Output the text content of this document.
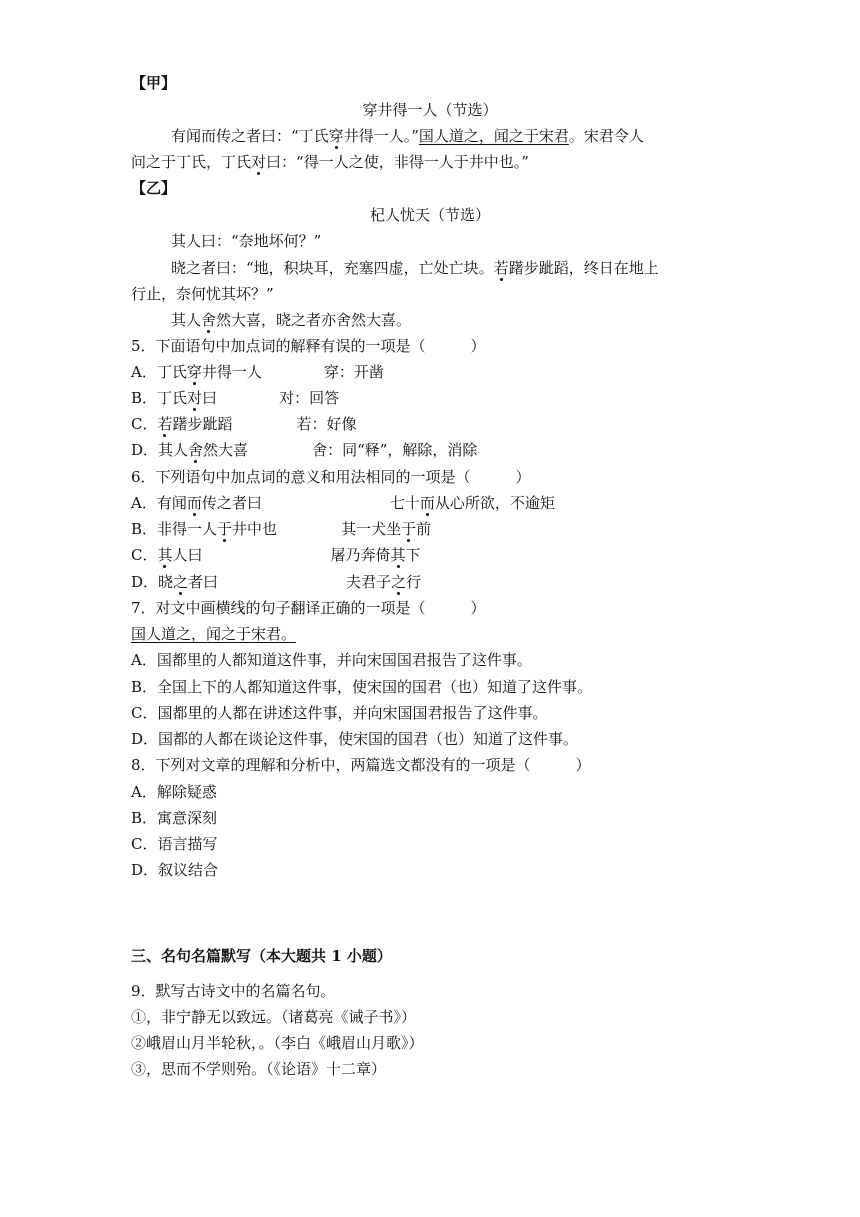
【甲】
穿井得一人（节选）
有闻而传之者曰：“丁氏穿井得一人。”国人道之，闻之于宋君。宋君令人
问之于丁氏，丁氏对曰：“得一人之使，非得一人于井中也。”
【乙】
杞人忧天（节选）
其人曰：“奈地坏何？”
晓之者曰：“地，积块耳，充塞四虚，亡处亡块。若躇步跐蹈，终日在地上
行止，奈何忧其坏？”
其人舍然大喜，晓之者亦舍然大喜。
5．下面语句中加点词的解释有误的一项是（　　　）
A．丁氏穿井得一人	穿：开凿
B．丁氏对曰	对：回答
C．若躇步跐蹈	若：好像
D．其人舍然大喜	舍：同“释”，解除，消除
6．下列语句中加点词的意义和用法相同的一项是（　　　）
A．有闻而传之者曰	七十而从心所欲，不逾矩
B．非得一人于井中也	其一犬坐于前
C．其人曰	屠乃奔倚其下
D．晓之者曰	夫君子之行
7．对文中画横线的句子翻译正确的一项是（　　　）
国人道之，闻之于宋君。
A．国都里的人都知道这件事，并向宋国国君报告了这件事。
B．全国上下的人都知道这件事，使宋国的国君（也）知道了这件事。
C．国都里的人都在讲述这件事，并向宋国国君报告了这件事。
D．国都的人都在谈论这件事，使宋国的国君（也）知道了这件事。
8．下列对文章的理解和分析中，两篇选文都没有的一项是（　　　）
A．解除疑惑
B．寓意深刻
C．语言描写
D．叙议结合
三、名句名篇默写（本大题共 1 小题）
9．默写古诗文中的名篇名句。
①，非宁静无以致远。（诸葛亮《诫子书》）
②峨眉山月半轮秋，。（李白《峨眉山月歌》）
③，思而不学则殆。（《论语》十二章）
